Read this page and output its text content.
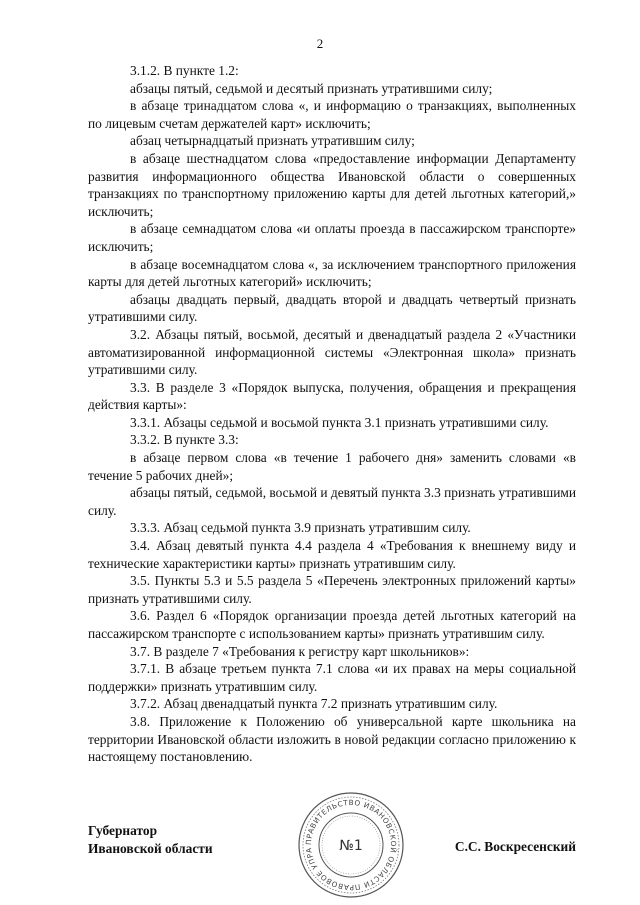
2

3.1.2. В пункте 1.2:

абзацы пятый, седьмой и десятый признать утратившими силу;

в абзаце тринадцатом слова «, и информацию о транзакциях, выполненных по лицевым счетам держателей карт» исключить;

абзац четырнадцатый признать утратившим силу;

в абзаце шестнадцатом слова «предоставление информации Департаменту развития информационного общества Ивановской области о совершенных транзакциях по транспортному приложению карты для детей льготных категорий,» исключить;

в абзаце семнадцатом слова «и оплаты проезда в пассажирском транспорте» исключить;

в абзаце восемнадцатом слова «, за исключением транспортного приложения карты для детей льготных категорий» исключить;

абзацы двадцать первый, двадцать второй и двадцать четвертый признать утратившими силу.

3.2. Абзацы пятый, восьмой, десятый и двенадцатый раздела 2 «Участники автоматизированной информационной системы «Электронная школа» признать утратившими силу.

3.3. В разделе 3 «Порядок выпуска, получения, обращения и прекращения действия карты»:

3.3.1. Абзацы седьмой и восьмой пункта 3.1 признать утратившими силу.

3.3.2. В пункте 3.3:

в абзаце первом слова «в течение 1 рабочего дня» заменить словами «в течение 5 рабочих дней»;

абзацы пятый, седьмой, восьмой и девятый пункта 3.3 признать утратившими силу.

3.3.3. Абзац седьмой пункта 3.9 признать утратившим силу.

3.4. Абзац девятый пункта 4.4 раздела 4 «Требования к внешнему виду и технические характеристики карты» признать утратившим силу.

3.5. Пункты 5.3 и 5.5 раздела 5 «Перечень электронных приложений карты» признать утратившими силу.

3.6. Раздел 6 «Порядок организации проезда детей льготных категорий на пассажирском транспорте с использованием карты» признать утратившим силу.

3.7. В разделе 7 «Требования к регистру карт школьников»:

3.7.1. В абзаце третьем пункта 7.1 слова «и их правах на меры социальной поддержки» признать утратившим силу.

3.7.2. Абзац двенадцатый пункта 7.2 признать утратившим силу.

3.8. Приложение к Положению об универсальной карте школьника на территории Ивановской области изложить в новой редакции согласно приложению к настоящему постановлению.

ПРАВИТЕЛЬСТВО ИВАНОВСКОЙ ОБЛАСТИ ПРАВОВОЕ УПРА	№1
Губернатор
Ивановской области	С.С. Воскресенский
